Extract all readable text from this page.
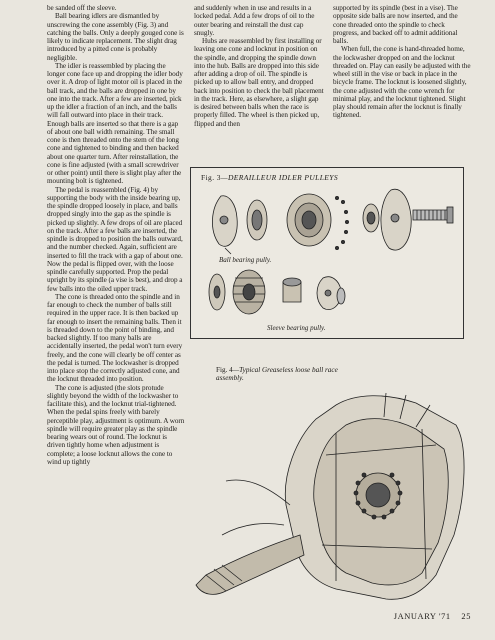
be sanded off the sleeve.

Ball bearing idlers are dismantled by unscrewing the cone assembly (Fig. 3) and catching the balls. Only a deeply gouged cone is likely to indicate replacement. The slight drag introduced by a pitted cone is probably negligible.

The idler is reassembled by placing the longer cone face up and dropping the idler body over it. A drop of light motor oil is placed in the ball track, and the balls are dropped in one by one into the track. After a few are inserted, pick up the idler a fraction of an inch, and the balls will fall outward into place in their track. Enough balls are inserted so that there is a gap of about one ball width remaining. The small cone is then threaded onto the stem of the long cone and tightened to binding and then backed about one quarter turn. After reinstallation, the cone is fine adjusted (with a small screwdriver or other point) until there is slight play after the mounting bolt is tightened.

The pedal is reassembled (Fig. 4) by supporting the body with the inside bearing up, the spindle dropped loosely in place, and balls dropped singly into the gap as the spindle is picked up slightly. A few drops of oil are placed on the track. After a few balls are inserted, the spindle is dropped to position the balls outward, and the number checked. Again, sufficient are inserted to fill the track with a gap of about one. Now the pedal is flipped over, with the loose spindle carefully supported. Prop the pedal upright by its spindle (a vise is best), and drop a few balls into the oiled upper track.

The cone is threaded onto the spindle and in far enough to check the number of balls still required in the upper race. It is then backed up far enough to insert the remaining balls. Then it is threaded down to the point of binding, and backed slightly. If too many balls are accidentally inserted, the pedal won't turn every freely, and the cone will clearly be off center as the pedal is turned. The lockwasher is dropped into place stop the correctly adjusted cone, and the locknut threaded into position.

The cone is adjusted (the slots protude slightly beyond the width of the lockwasher to facilitate this), and the locknut trial-tightened. When the pedal spins freely with barely perceptible play, adjustment is optimum. A worn spindle will require greater play as the spindle bearing wears out of round. The locknut is driven tightly home when adjustment is complete; a loose locknut allows the cone to wind up tightly

and suddenly when in use and results in a locked pedal. Add a few drops of oil to the outer bearing and reinstall the dust cap snugly.

Hubs are reassembled by first installing or leaving one cone and locknut in position on the spindle, and dropping the spindle down into the hub. Balls are dropped into this side after adding a drop of oil. The spindle is picked up to allow ball entry, and dropped back into position to check the ball placement in the track. Here, as elsewhere, a slight gap is desired between balls when the race is properly filled. The wheel is then picked up, flipped and then

supported by its spindle (best in a vise). The opposite side balls are now inserted, and the cone threaded onto the spindle to check progress, and backed off to admit additional balls.

When full, the cone is hand-threaded home, the lockwasher dropped on and the locknut threaded on. Play can easily be adjusted with the wheel still in the vise or back in place in the bicycle frame. The locknut is loosened slightly, the cone adjusted with the cone wrench for minimal play, and the locknut tightened. Slight play should remain after the locknut is finally tightened.

Fig. 3—DERAILLEUR IDLER PULLEYS
Ball bearing pully.
Sleeve bearing pully.
Fig. 4—Typical Greaseless loose ball race assembly.
JANUARY '71 25
